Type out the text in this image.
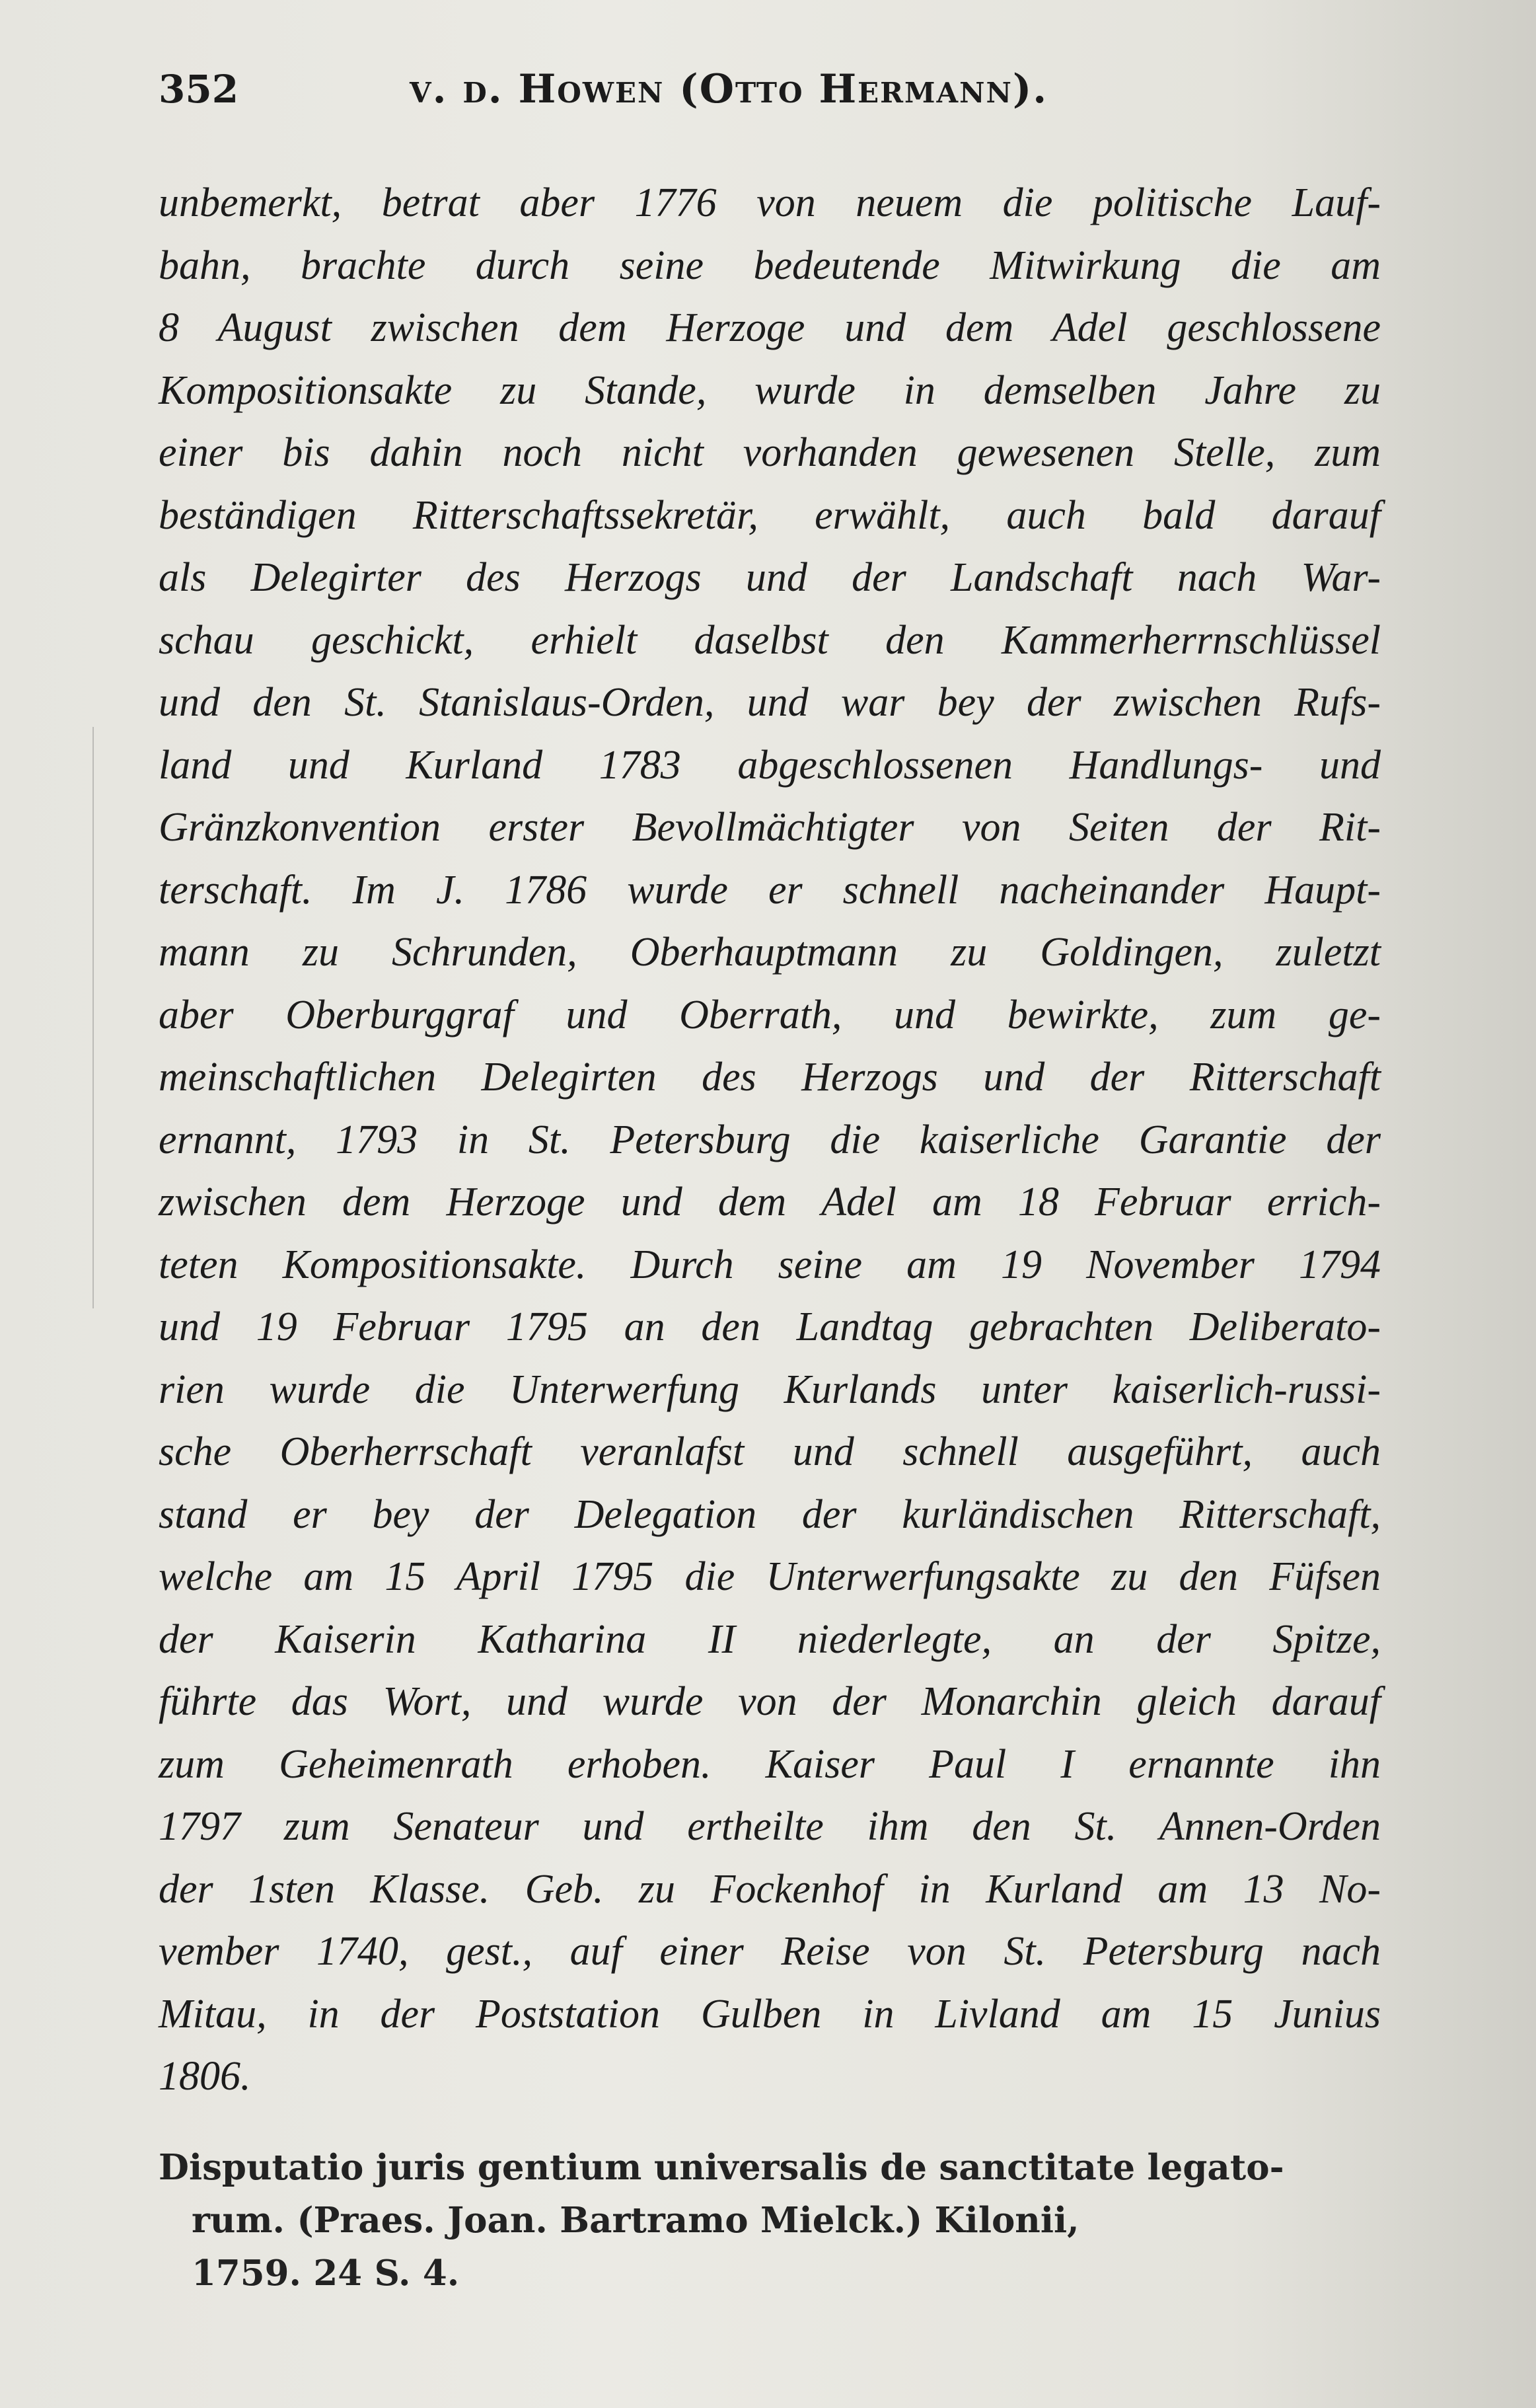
352	v. d. Howen (Otto Hermann).
unbemerkt, betrat aber 1776 von neuem die politische Lauf-
bahn, brachte durch seine bedeutende Mitwirkung die am
8 August zwischen dem Herzoge und dem Adel geschlossene
Kompositionsakte zu Stande, wurde in demselben Jahre zu
einer bis dahin noch nicht vorhanden gewesenen Stelle, zum
beständigen Ritterschaftssekretär, erwählt, auch bald darauf
als Delegirter des Herzogs und der Landschaft nach War-
schau geschickt, erhielt daselbst den Kammerherrnschlüssel
und den St. Stanislaus-Orden, und war bey der zwischen Rufs-
land und Kurland 1783 abgeschlossenen Handlungs- und
Gränzkonvention erster Bevollmächtigter von Seiten der Rit-
terschaft. Im J. 1786 wurde er schnell nacheinander Haupt-
mann zu Schrunden, Oberhauptmann zu Goldingen, zuletzt
aber Oberburggraf und Oberrath, und bewirkte, zum ge-
meinschaftlichen Delegirten des Herzogs und der Ritterschaft
ernannt, 1793 in St. Petersburg die kaiserliche Garantie der
zwischen dem Herzoge und dem Adel am 18 Februar errich-
teten Kompositionsakte. Durch seine am 19 November 1794
und 19 Februar 1795 an den Landtag gebrachten Deliberato-
rien wurde die Unterwerfung Kurlands unter kaiserlich-russi-
sche Oberherrschaft veranlafst und schnell ausgeführt, auch
stand er bey der Delegation der kurländischen Ritterschaft,
welche am 15 April 1795 die Unterwerfungsakte zu den Füfsen
der Kaiserin Katharina II niederlegte, an der Spitze,
führte das Wort, und wurde von der Monarchin gleich darauf
zum Geheimenrath erhoben. Kaiser Paul I ernannte ihn
1797 zum Senateur und ertheilte ihm den St. Annen-Orden
der 1sten Klasse. Geb. zu Fockenhof in Kurland am 13 No-
vember 1740, gest., auf einer Reise von St. Petersburg nach
Mitau, in der Poststation Gulben in Livland am 15 Junius
1806.
Disputatio juris gentium universalis de sanctitate legato-
rum. (Praes. Joan. Bartramo Mielck.) Kilonii,
1759. 24 S. 4.
